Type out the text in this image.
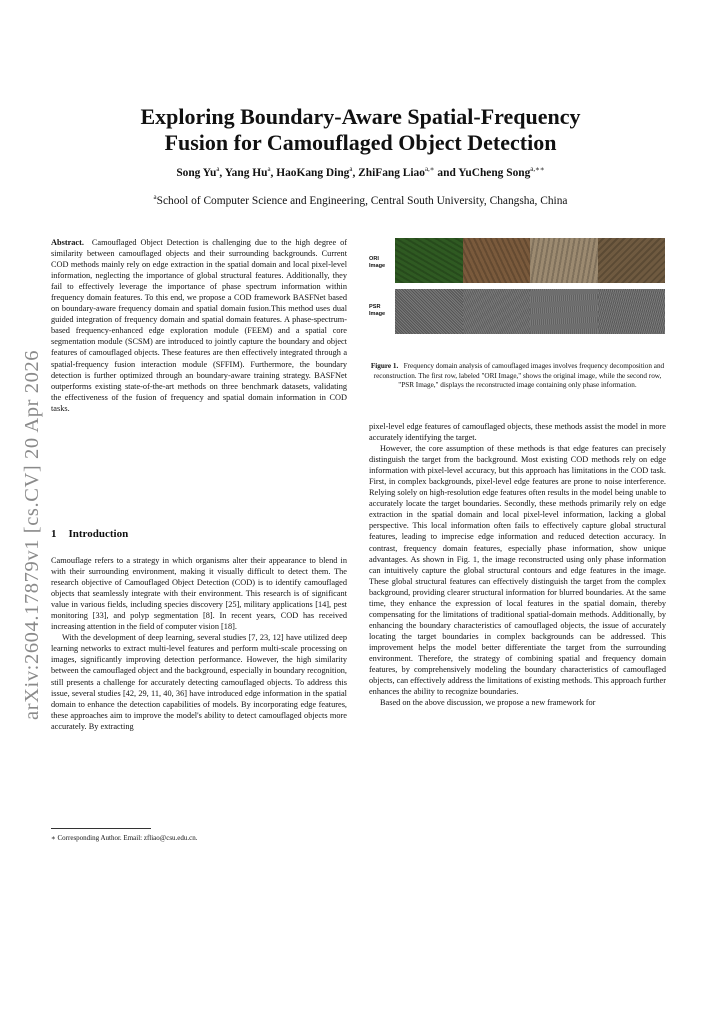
arXiv:2604.17879v1 [cs.CV] 20 Apr 2026
Exploring Boundary-Aware Spatial-Frequency
Fusion for Camouflaged Object Detection
Song Yu$^a$, Yang Hu$^a$, HaoKang Ding$^a$, ZhiFang Liao$^{a,∗}$ and YuCheng Song$^{a,∗∗}$
$^a$School of Computer Science and Engineering, Central South University, Changsha, China

Abstract. Camouflaged Object Detection is challenging due to the high degree of similarity between camouflaged objects and their surrounding backgrounds. Current COD methods mainly rely on edge extraction in the spatial domain and local pixel-level information, neglecting the importance of global structural features. Additionally, they fail to effectively leverage the importance of phase spectrum information within frequency domain features. To this end, we propose a COD framework BASFNet based on boundary-aware frequency domain and spatial domain fusion.This method uses dual guided integration of frequency domain and spatial domain features. A phase-spectrum-based frequency-enhanced edge exploration module (FEEM) and a spatial core segmentation module (SCSM) are introduced to jointly capture the boundary and object features of camouflaged objects. These features are then effectively integrated through a spatial-frequency fusion interaction module (SFFIM). Furthermore, the boundary detection is further optimized through an boundary-aware training strategy. BASFNet outperforms existing state-of-the-art methods on three benchmark datasets, validating the effectiveness of the fusion of frequency and spatial domain information in COD tasks.

1 Introduction

Camouflage refers to a strategy in which organisms alter their appearance to blend in with their surrounding environment, making it visually difficult to detect them. The research objective of Camouflaged Object Detection (COD) is to identify camouflaged objects that seamlessly integrate with their environment. This research is of significant value in various fields, including species discovery [25], military applications [14], pest monitoring [33], and polyp segmentation [8]. In recent years, COD has received increasing attention in the field of computer vision [18].

With the development of deep learning, several studies [7, 23, 12] have utilized deep learning networks to extract multi-level features and perform multi-scale processing on images, significantly improving detection performance. However, the high similarity between the camouflaged object and the background, especially in boundary recognition, still presents a challenge for accurately detecting camouflaged objects. To address this issue, several studies [42, 29, 11, 40, 36] have introduced edge information in the spatial domain to enhance the detection capabilities of models. By incorporating edge features, these approaches aim to improve the model's ability to detect camouflaged objects more accurately. By extracting

∗ Corresponding Author. Email: zfliao@csu.edu.cn.
ORI
Image
PSR
Image
Figure 1. Frequency domain analysis of camouflaged images involves frequency decomposition and reconstruction. The first row, labeled "ORI Image," shows the original image, while the second row, "PSR Image," displays the reconstructed image containing only phase information.

pixel-level edge features of camouflaged objects, these methods assist the model in more accurately identifying the target.

However, the core assumption of these methods is that edge features can precisely distinguish the target from the background. Most existing COD methods rely on edge information with pixel-level accuracy, but this approach has limitations in the COD task. First, in complex backgrounds, pixel-level edge features are prone to noise interference. Relying solely on high-resolution edge features often results in the model being unable to accurately locate the target boundaries. Secondly, these methods primarily rely on edge extraction in the spatial domain and local pixel-level information, lacking a global perspective. This local information often fails to effectively capture global structural features, leading to imprecise edge information and reduced detection accuracy. In contrast, frequency domain features, especially phase information, show unique advantages. As shown in Fig. 1, the image reconstructed using only phase information can intuitively capture the global structural contours and edge features in the image. These global structural features can effectively distinguish the target from the complex background, providing clearer structural information for blurred boundaries. At the same time, they enhance the expression of local features in the spatial domain, thereby compensating for the limitations of traditional spatial-domain methods. Additionally, by enhancing the boundary characteristics of camouflaged objects, the issue of accurately locating the target boundaries in complex backgrounds can be addressed. This improvement helps the model better differentiate the target from the surrounding environment. Therefore, the strategy of combining spatial and frequency domain features, by comprehensively modeling the boundary characteristics of camouflaged objects, can effectively address the limitations of existing methods. This approach further enhances the ability to recognize boundaries.

Based on the above discussion, we propose a new framework for
